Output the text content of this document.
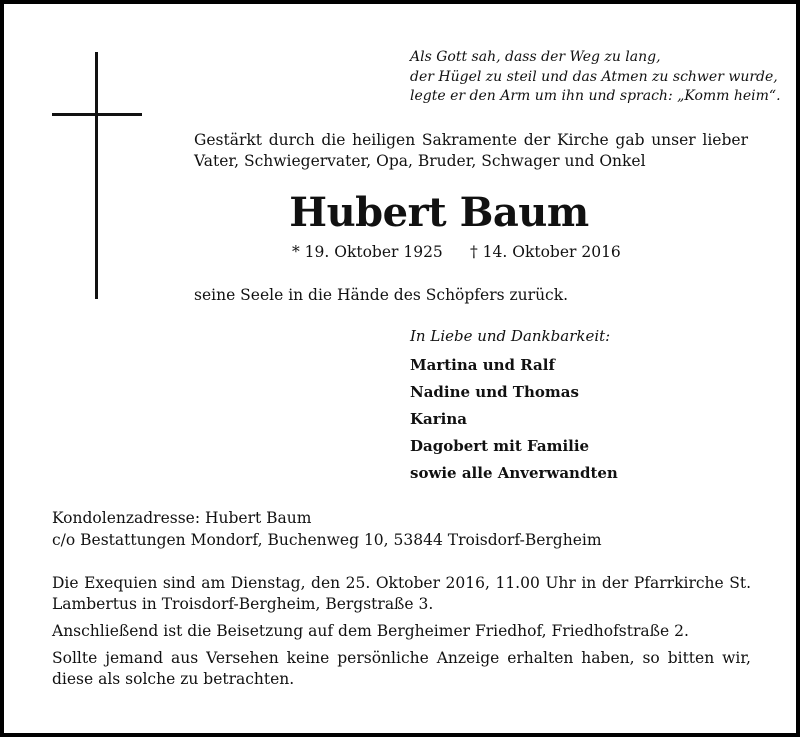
Als Gott sah, dass der Weg zu lang,
der Hügel zu steil und das Atmen zu schwer wurde,
legte er den Arm um ihn und sprach: „Komm heim“.
Gestärkt durch die heiligen Sakramente der Kirche gab unser lieber Vater, Schwiegervater, Opa, Bruder, Schwager und Onkel
Hubert Baum
* 19. Oktober 1925 † 14. Oktober 2016
seine Seele in die Hände des Schöpfers zurück.
In Liebe und Dankbarkeit:
Martina und Ralf
Nadine und Thomas
Karina
Dagobert mit Familie
sowie alle Anverwandten
Kondolenzadresse: Hubert Baum
c/o Bestattungen Mondorf, Buchenweg 10, 53844 Troisdorf-Bergheim

Die Exequien sind am Dienstag, den 25. Oktober 2016, 11.00 Uhr in der Pfarrkirche St. Lambertus in Troisdorf-Bergheim, Bergstraße 3.

Anschließend ist die Beisetzung auf dem Bergheimer Friedhof, Friedhofstraße 2.

Sollte jemand aus Versehen keine persönliche Anzeige erhalten haben, so bitten wir, diese als solche zu betrachten.
